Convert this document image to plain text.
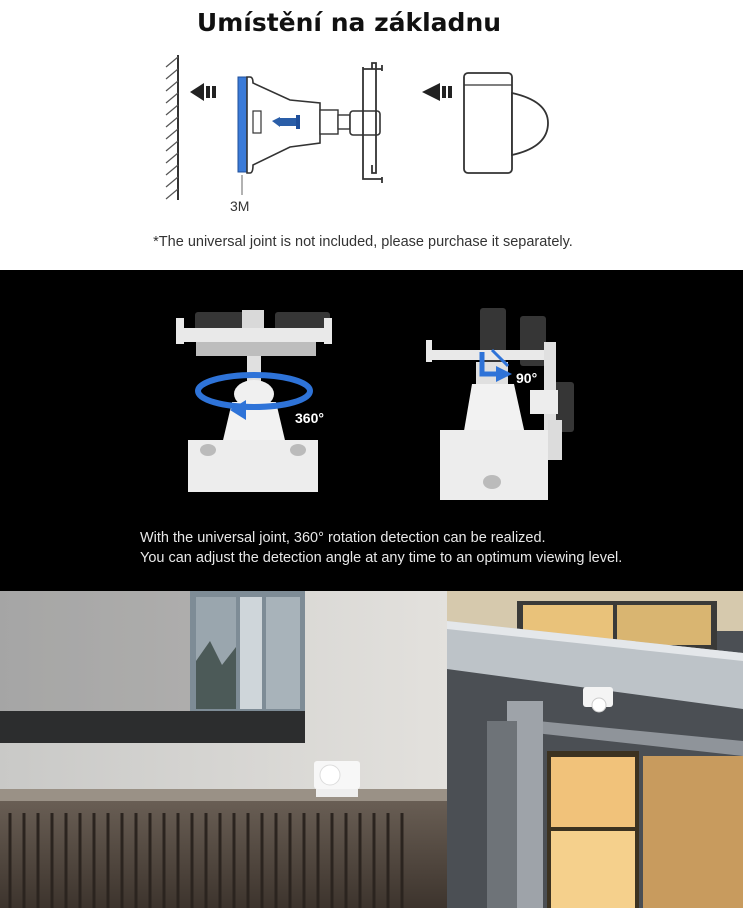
Umístění na základnu
3M

*The universal joint is not included, please purchase it separately.

360°
90°
With the universal joint, 360° rotation detection can be realized.
You can adjust the detection angle at any time to an optimum viewing level.
